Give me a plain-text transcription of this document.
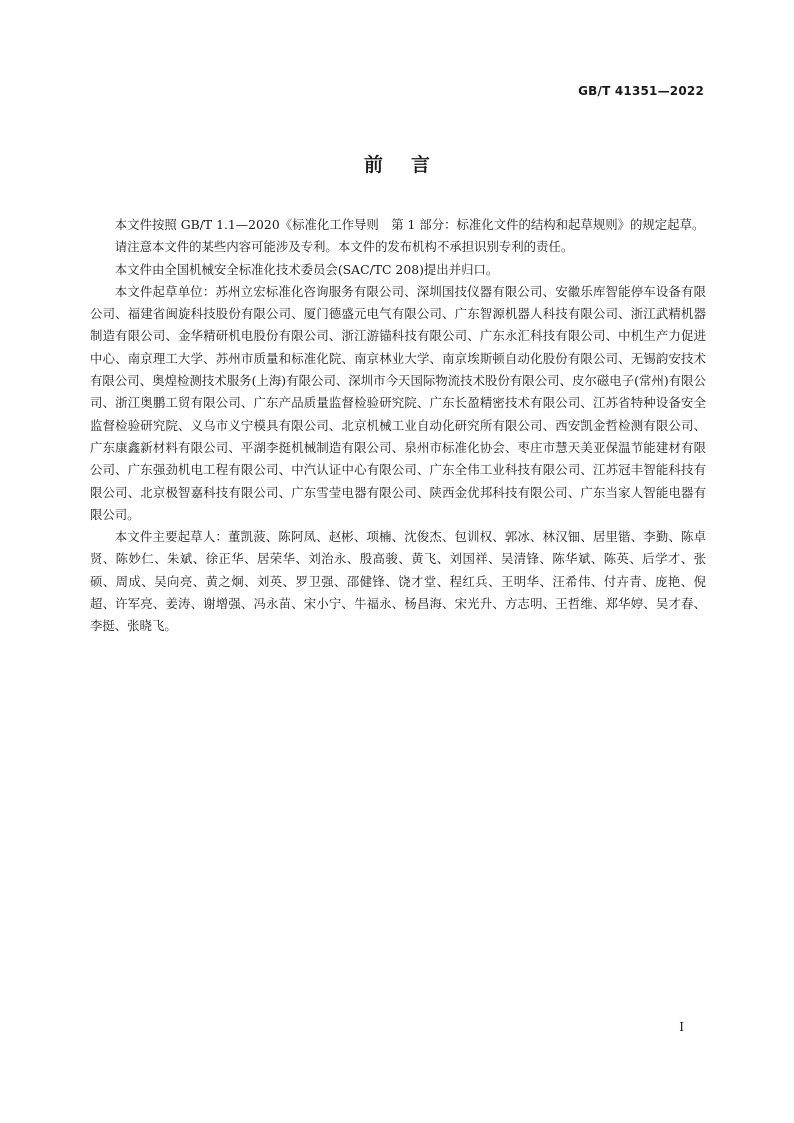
GB/T 41351—2022
前言

本文件按照 GB/T 1.1—2020《标准化工作导则　第 1 部分：标准化文件的结构和起草规则》的规定起草。

请注意本文件的某些内容可能涉及专利。本文件的发布机构不承担识别专利的责任。

本文件由全国机械安全标准化技术委员会(SAC/TC 208)提出并归口。

本文件起草单位：苏州立宏标准化咨询服务有限公司、深圳国技仪器有限公司、安徽乐库智能停车设备有限公司、福建省闽旋科技股份有限公司、厦门德盛元电气有限公司、广东智源机器人科技有限公司、浙江武精机器制造有限公司、金华精研机电股份有限公司、浙江游锚科技有限公司、广东永汇科技有限公司、中机生产力促进中心、南京理工大学、苏州市质量和标准化院、南京林业大学、南京埃斯顿自动化股份有限公司、无锡韵安技术有限公司、奥煌检测技术服务(上海)有限公司、深圳市今天国际物流技术股份有限公司、皮尔磁电子(常州)有限公司、浙江奥鹏工贸有限公司、广东产品质量监督检验研究院、广东长盈精密技术有限公司、江苏省特种设备安全监督检验研究院、义乌市义宁模具有限公司、北京机械工业自动化研究所有限公司、西安凯金哲检测有限公司、广东康鑫新材料有限公司、平湖李挺机械制造有限公司、泉州市标准化协会、枣庄市慧天美亚保温节能建材有限公司、广东强劲机电工程有限公司、中汽认证中心有限公司、广东全伟工业科技有限公司、江苏冠丰智能科技有限公司、北京极智嘉科技有限公司、广东雪莹电器有限公司、陕西金优邦科技有限公司、广东当家人智能电器有限公司。

本文件主要起草人：董凯菠、陈阿凤、赵彬、项楠、沈俊杰、包训权、郭冰、林汉钿、居里锴、李勤、陈卓贤、陈妙仁、朱斌、徐正华、居荣华、刘治永、殷高骏、黄飞、刘国祥、吴清锋、陈华斌、陈英、后学才、张硕、周成、吴向亮、黄之炯、刘英、罗卫强、邵健锋、饶才堂、程红兵、王明华、汪希伟、付卉青、庞艳、倪超、许军亮、姜涛、谢增强、冯永苗、宋小宁、牛福永、杨昌海、宋光升、方志明、王哲维、郑华婷、吴才春、李挺、张晓飞。

I
